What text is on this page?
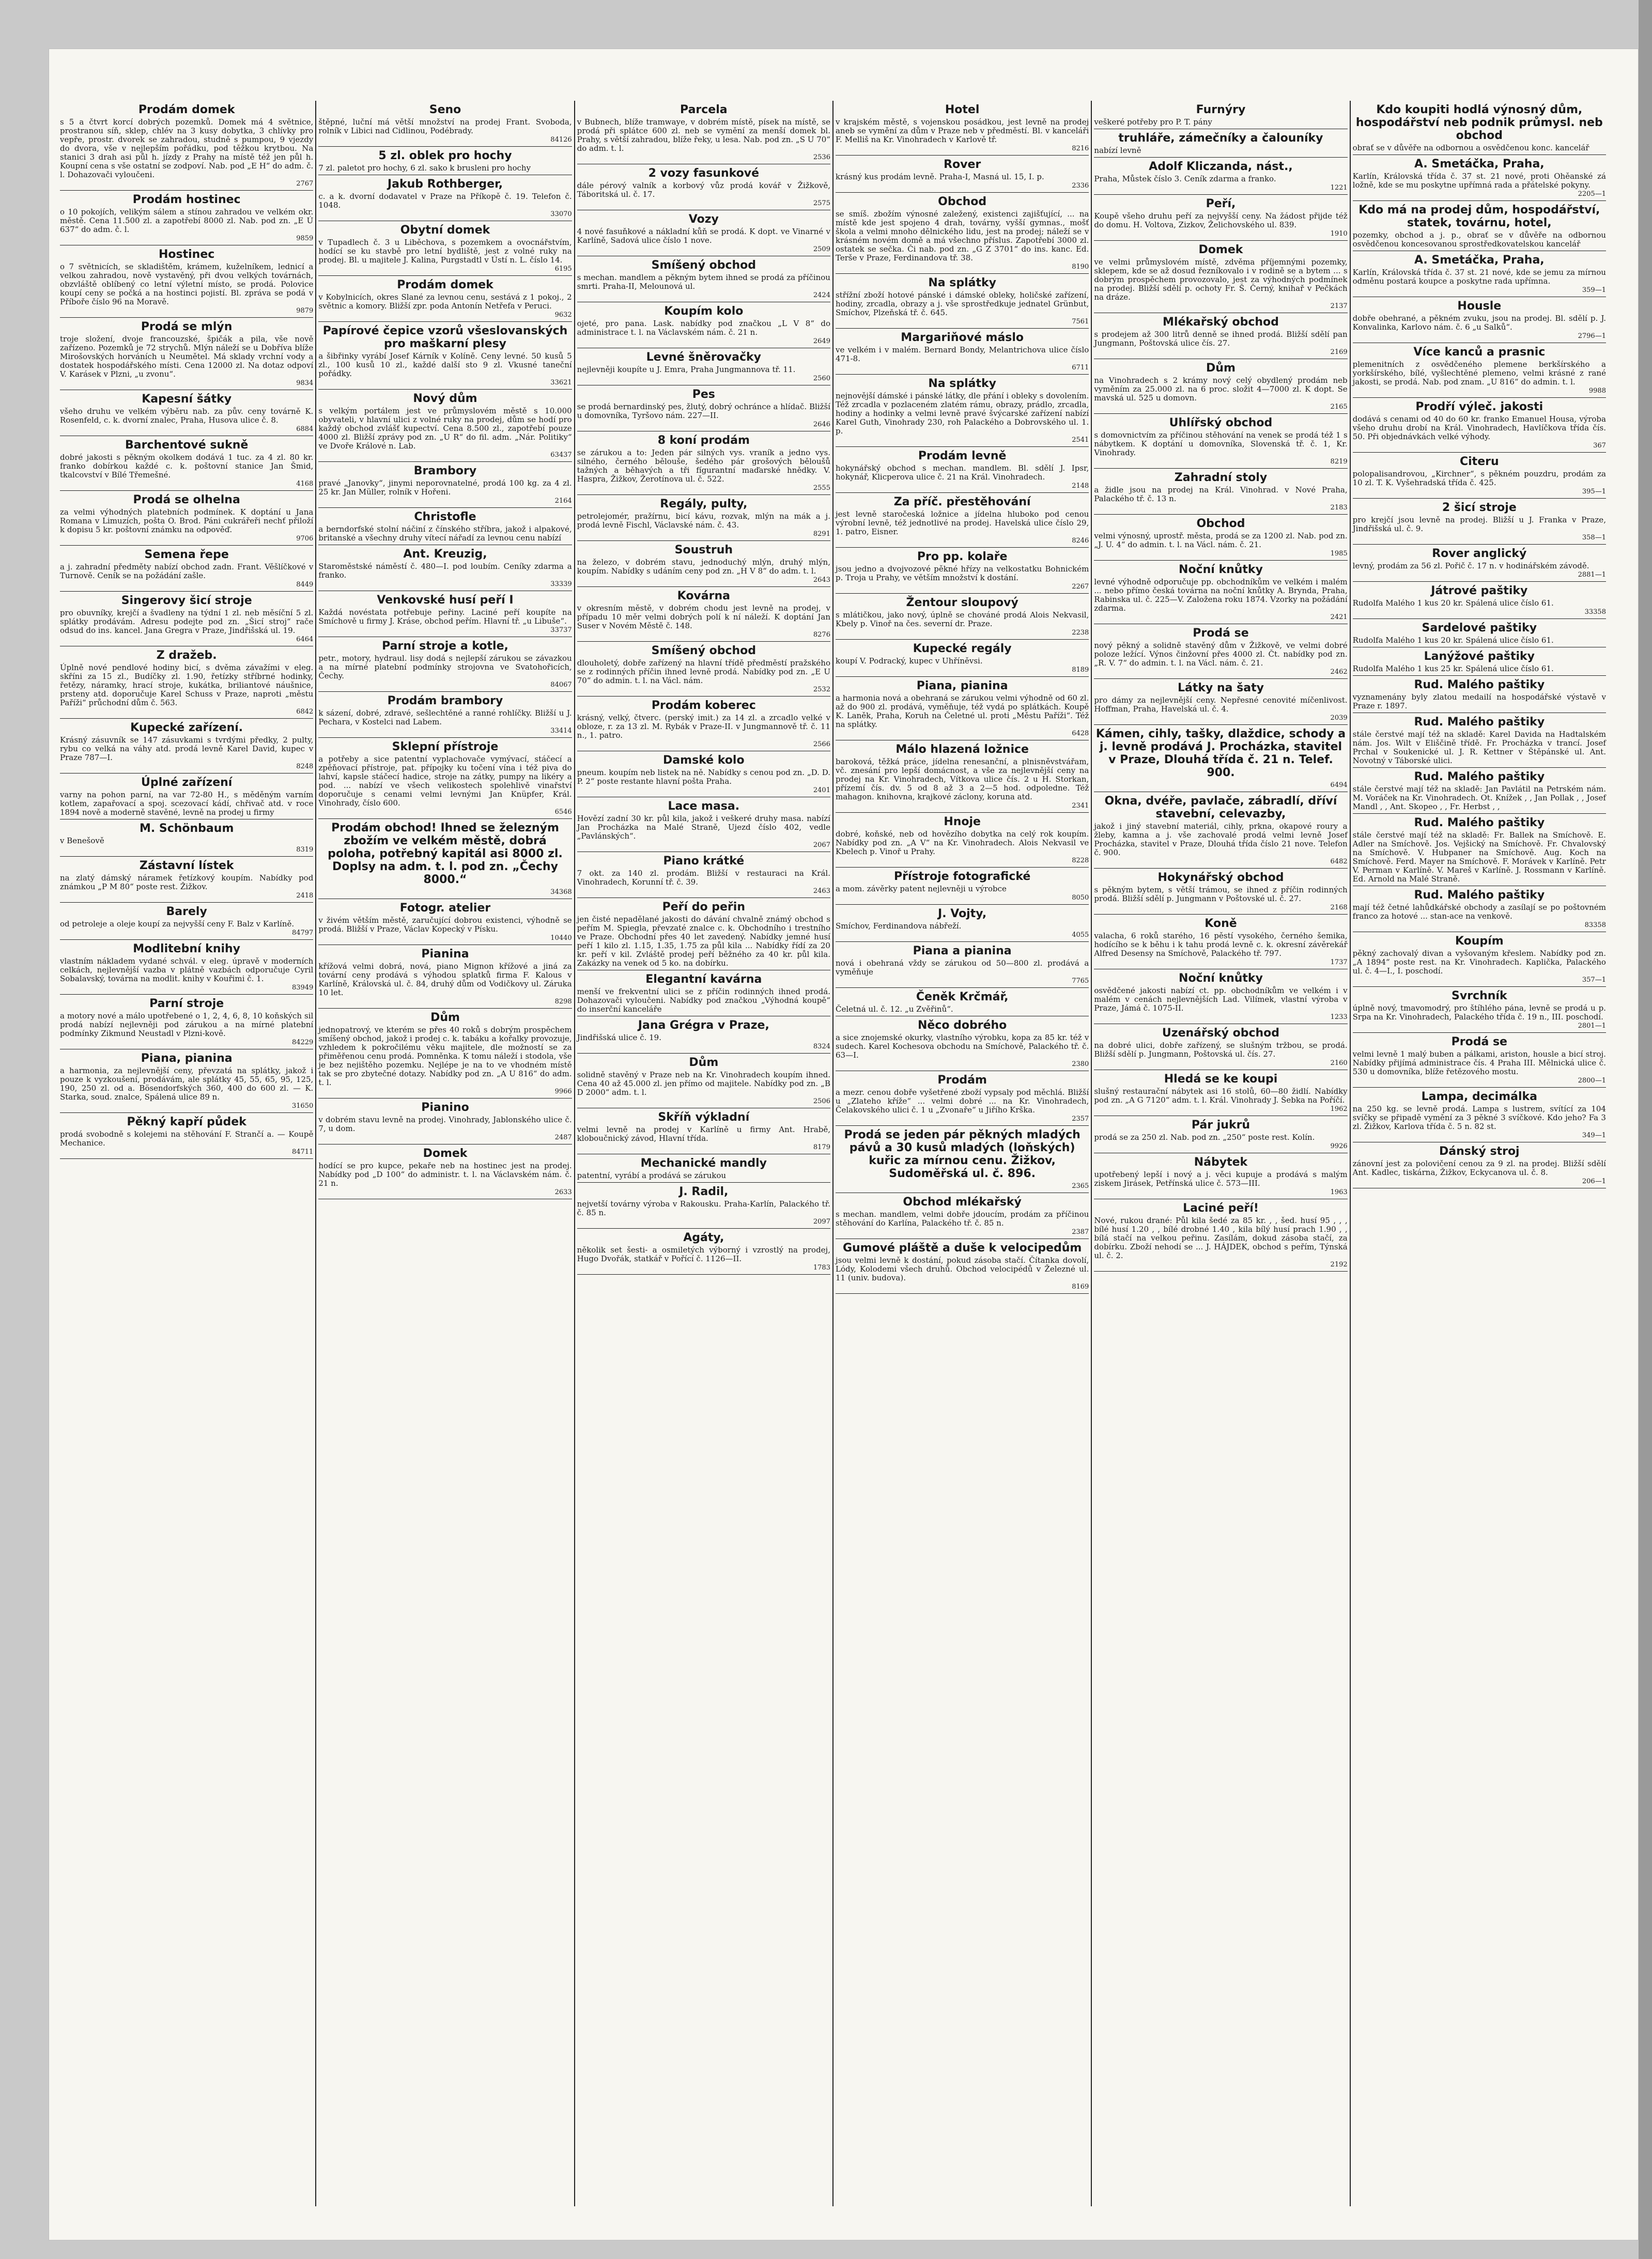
Prodám domek
s 5 a čtvrt korcí dobrých pozemků. Domek má 4 světnice, prostranou síň, sklep, chlév na 3 kusy dobytka, 3 chlívky pro vepře, prostr. dvorek se zahradou, studně s pumpou, 9 vjezdy do dvora, vše v nejlepším pořádku, pod těžkou krytbou. Na stanici 3 drah asi půl h. jízdy z Prahy na místě též jen půl h. Koupní cena s vše ostatní se zodpoví. Nab. pod „E H“ do adm. č. l. Dohazovači vyloučeni.
2767
Prodám hostinec
o 10 pokojích, velikým sálem a stínou zahradou ve velkém okr. městě. Cena 11.500 zl. a zapotřebí 8000 zl. Nab. pod zn. „E Ú 637“ do adm. č. l.
9859
Hostinec
o 7 světnicích, se skladištěm, krámem, kuželníkem, lednicí a velkou zahradou, nově vystavěný, při dvou velkých továrnách, obzvláště oblíbený co letní výletní místo, se prodá. Polovice koupí ceny se počká a na hostinci pojistí. Bl. zpráva se podá v Příboře číslo 96 na Moravě.
9879
Prodá se mlýn
troje složení, dvoje francouzské, špičák a pila, vše nově zařízeno. Pozemků je 72 strychů. Mlýn náleží se u Dobříva blíže Mirošovských horváních u Neumětel. Má sklady vrchní vody a dostatek hospodářského místi. Cena 12000 zl. Na dotaz odpoví V. Karásek v Plzni, „u zvonu“.
9834
Kapesní šátky
všeho druhu ve velkém výběru nab. za pův. ceny továrně K. Rosenfeld, c. k. dvorní znalec, Praha, Husova ulice č. 8.
6884
Barchentové sukně
dobré jakosti s pěkným okolkem dodává 1 tuc. za 4 zl. 80 kr. franko dobírkou každé c. k. poštovní stanice Jan Šmid, tkalcovství v Bílé Třemešné.
4168
Prodá se olhelna
za velmi výhodných platebních podmínek. K doptání u Jana Romana v Limuzích, pošta O. Brod. Páni cukrářeři nechť přiloží k dopisu 5 kr. poštovní známku na odpověď.
9706
Semena řepe
a j. zahradní předměty nabízí obchod zadn. Frant. Věšlíčkové v Turnově. Ceník se na požádání zašle.
8449
Singerovy šicí stroje
pro obuvníky, krejčí a švadleny na týdní 1 zl. neb měsíční 5 zl. splátky prodávám. Adresu podejte pod zn. „Šicí stroj“ rače odsud do ins. kancel. Jana Gregra v Praze, Jindřišská ul. 19.
6464
Z dražeb.
Úplně nové pendlové hodiny bicí, s dvěma závažími v eleg. skříni za 15 zl., Budíčky zl. 1.90, řetízky stříbrné hodinky, řetězy, náramky, hrací stroje, kukátka, briliantové náušnice, prsteny atd. doporučuje Karel Schuss v Praze, naproti „městu Paříži“ průchodní dům č. 563.
6842
Kupecké zařízení.
Krásný zásuvník se 147 zásuvkami s tvrdými předky, 2 pulty, rybu co velká na váhy atd. prodá levně Karel David, kupec v Praze 787—I.
8248
Úplné zařízení
varny na pohon parní, na var 72-80 H., s měděným varním kotlem, zapařovací a spoj. scezovací kádí, chřivač atd. v roce 1894 nově a moderně stavěné, levně na prodej u firmy
M. Schönbaum
v Benešově
8319
Zástavní lístek
na zlatý dámský náramek řetízkový koupím. Nabídky pod známkou „P M 80“ poste rest. Žižkov.
2418
Barely
od petroleje a oleje koupí za nejvyšší ceny F. Balz v Karlíně.
84797
Modlitební knihy
vlastním nákladem vydané schvál. v eleg. úpravě v moderních celkách, nejlevnější vazba v plátně vazbách odporučuje Cyril Sobalavský, továrna na modlit. knihy v Kouřimi č. 1.
83949
Parní stroje
a motory nové a málo upotřebené o 1, 2, 4, 6, 8, 10 koňských sil prodá nabízí nejlevněji pod zárukou a na mírné platební podmínky Zikmund Neustadl v Plzni-kově.
84229
Piana, pianina
a harmonia, za nejlevnější ceny, převzatá na splátky, jakož i pouze k vyzkoušení, prodávám, ale splátky 45, 55, 65, 95, 125, 190, 250 zl. od a. Bösendorfských 360, 400 do 600 zl. — K. Starka, soud. znalce, Spálená ulice 89 n.
31650
Pěkný kapří půdek
prodá svobodně s kolejemi na stěhování F. Strančí a. — Koupě Mechanice.
84711
Seno
štěpné, luční má větší množství na prodej Frant. Svoboda, rolník v Libici nad Cidlinou, Podébrady.
84126
5 zl. oblek pro hochy
7 zl. paletot pro hochy, 6 zl. sako k brusleni pro hochy
Jakub Rothberger,
c. a k. dvorní dodavatel v Praze na Příkopě č. 19. Telefon č. 1048.
33070
Obytní domek
v Tupadlech č. 3 u Liběchova, s pozemkem a ovocnářstvím, hodící se ku stavbě pro letní bydliště, jest z volné ruky na prodej. Bl. u majitele J. Kalina, Purgstadtl v Ústí n. L. číslo 14.
6195
Prodám domek
v Kobylnicích, okres Slané za levnou cenu, sestává z 1 pokoj., 2 světnic a komory. Bližší zpr. poda Antonín Netřefa v Peruci.
9632
Papírové čepice vzorů všeslovanských pro maškarní plesy
a šibřinky vyrábí Josef Kárník v Kolíně. Ceny levné. 50 kusů 5 zl., 100 kusů 10 zl., každé další sto 9 zl. Vkusné taneční pořádky.
33621
Nový dům
s velkým portálem jest ve průmyslovém městě s 10.000 obyvateli, v hlavní ulici z volné ruky na prodej, dům se hodí pro každý obchod zvlášť kupectví. Cena 8.500 zl., zapotřebí pouze 4000 zl. Bližší zprávy pod zn. „U R“ do fil. adm. „Nár. Politiky“ ve Dvoře Králové n. Lab.
63437
Brambory
pravé „Janovky“, jinymi neporovnatelné, prodá 100 kg. za 4 zl. 25 kr. Jan Müller, rolník v Hořeni.
2164
Christofle
a berndorfské stolní náčiní z čínského stříbra, jakož i alpakové, britanské a všechny druhy vítecí nářadí za levnou cenu nabízí
Ant. Kreuzig,
Staroměstské náměstí č. 480—I. pod loubím. Ceníky zdarma a franko.
33339
Venkovské husí peří I
Každá novéstata potřebuje peřiny. Laciné peří koupíte na Smíchově u firmy J. Kráse, obchod peřím. Hlavní tř. „u Libuše“.
33737
Parní stroje a kotle,
petr., motory, hydraul. lisy dodá s nejlepší zárukou se závazkou a na mírné platební podmínky strojovna ve Svatohořicích, Čechy.
84067
Prodám brambory
k sázení, dobré, zdravé, sešlechtěné a ranné rohlíčky. Bližší u J. Pechara, v Kostelci nad Labem.
33414
Sklepní přístroje
a potřeby a sice patentní vyplachovače vymývací, stáčecí a zpěňovací přístroje, pat. přípojky ku točení vína i též piva do lahví, kapsle stáčecí hadice, stroje na zátky, pumpy na likéry a pod. ... nabízí ve všech velikostech spolehlivě vinařství doporučuje s cenami velmi levnými Jan Knüpfer, Král. Vinohrady, číslo 600.
6546
Prodám obchod! Ihned se železným zbožím ve velkém městě, dobrá poloha, potřebný kapitál asi 8000 zl. Doplsy na adm. t. l. pod zn. „Čechy 8000.“
34368
Fotogr. atelier
v živém větším městě, zaručující dobrou existenci, výhodně se prodá. Bližší v Praze, Václav Kopecký v Písku.
10440
Pianina
křížová velmi dobrá, nová, piano Mignon křížové a jiná za tovární ceny prodává s výhodou splatků firma F. Kalous v Karlíně, Královská ul. č. 84, druhý dům od Vodičkovy ul. Záruka 10 let.
8298
Dům
jednopatrový, ve kterém se přes 40 roků s dobrým prospěchem smíšený obchod, jakož i prodej c. k. tabáku a kořalky provozuje, vzhledem k pokročilému věku majitele, dle možností se za přiměřenou cenu prodá. Pomněnka. K tomu náleží i stodola, vše je bez nejištěho pozemku. Nejlépe je na to ve vhodném místě tak se pro zbytečné dotazy. Nabídky pod zn. „A U 816“ do adm. t. l.
9966
Pianino
v dobrém stavu levně na prodej. Vinohrady, Jablonského ulice č. 7, u dom.
2487
Domek
hodící se pro kupce, pekaře neb na hostinec jest na prodej. Nabídky pod „D 100“ do administr. t. l. na Václavském nám. č. 21 n.
2633
Parcela
v Bubnech, blíže tramwaye, v dobrém místě, písek na místě, se prodá při splátce 600 zl. neb se vymění za menší domek bl. Prahy, s větší zahradou, blíže řeky, u lesa. Nab. pod zn. „S U 70“ do adm. t. l.
2536
2 vozy fasunkové
dále pérový valník a korbový vůz prodá kovář v Žižkově, Táboritská ul. č. 17.
2575
Vozy
4 nové fasuňkové a nákladní kůň se prodá. K dopt. ve Vinarné v Karlíně, Sadová ulice číslo 1 nove.
2509
Smíšený obchod
s mechan. mandlem a pěkným bytem ihned se prodá za příčinou smrti. Praha-II, Melounová ul.
2424
Koupím kolo
ojeté, pro pana. Lask. nabídky pod značkou „L V 8“ do administrace t. l. na Václavském nám. č. 21 n.
2649
Levné šněrovačky
nejlevněji koupíte u J. Emra, Praha Jungmannova tř. 11.
2560
Pes
se prodá bernardinský pes, žlutý, dobrý ochránce a hlídač. Bližší u domovníka, Tyršovo nám. 227—II.
2646
8 koní prodám
se zárukou a to: Jeden pár silných vys. vraník a jedno vys. silného, černého bělouše, šedého pár grošových běloušů tažných a běhavých a tři fígurantní maďarské hnědky. V. Haspra, Žižkov, Žerotínova ul. č. 522.
2555
Regály, pulty,
petrolejomér, pražírnu, bicí kávu, rozvak, mlýn na mák a j. prodá levně Fischl, Václavské nám. č. 43.
8291
Soustruh
na železo, v dobrém stavu, jednoduchý mlýn, druhý mlýn, koupím. Nabídky s udáním ceny pod zn. „H V 8“ do adm. t. l.
2643
Kovárna
v okresním městě, v dobrém chodu jest levně na prodej, v případu 10 měr velmi dobrých polí k ní náleží. K doptání Jan Suser v Novém Městě č. 148.
8276
Smíšený obchod
dlouholetý, dobře zařízený na hlavní třídě předměstí pražského se z rodinných příčin ihned levně prodá. Nabídky pod zn. „E U 70“ do admin. t. l. na Václ. nám.
2532
Prodám koberec
krásný, velký, čtverc. (perský imit.) za 14 zl. a zrcadlo velké v obloze, r. za 13 zl. M. Rybák v Praze-II. v Jungmannově tř. č. 11 n., 1. patro.
2566
Damské kolo
pneum. koupím neb listek na ně. Nabídky s cenou pod zn. „D. D. P. 2“ poste restante hlavní pošta Praha.
2401
Lace masa.
Hovězí zadní 30 kr. půl kila, jakož i veškeré druhy masa. nabízí Jan Procházka na Malé Straně, Ujezd číslo 402, vedle „Pavlánských“.
2067
Piano krátké
7 okt. za 140 zl. prodám. Bližší v restauraci na Král. Vinohradech, Korunní tř. č. 39.
2463
Peří do peřin
jen čisté nepadělané jakosti do dávání chvalně známý obchod s peřím M. Spiegla, převzaté znalce c. k. Obchodního i trestního ve Praze. Obchodní přes 40 let zavedený. Nabídky jemné husí peří 1 kilo zl. 1.15, 1.35, 1.75 za půl kila ... Nabídky řídí za 20 kr. peří v kil. Zvláště prodej peří běžného za 40 kr. půl kila. Zakázky na venek od 5 ko. na dobírku.
Elegantní kavárna
menší ve frekventní ulici se z příčin rodinných ihned prodá. Dohazovači vyloučeni. Nabídky pod značkou „Výhodná koupě“ do inserční kanceláře
Jana Grégra v Praze,
Jindřišská ulice č. 19.
8324
Dům
solidně stavěný v Praze neb na Kr. Vinohradech koupím ihned. Cena 40 až 45.000 zl. jen přímo od majitele. Nabídky pod zn. „B D 2000“ adm. t. l.
2506
Skříň výkladní
velmi levně na prodej v Karlíně u firmy Ant. Hrabě, kloboučnický závod, Hlavní třída.
8179
Mechanické mandly
patentní, vyrábí a prodává se zárukou
J. Radil,
nejvetší továrny výroba v Rakousku. Praha-Karlín, Palackého tř. č. 85 n.
2097
Agáty,
několik set šesti- a osmiletých výborný i vzrostlý na prodej, Hugo Dvořák, statkář v Pořící č. 1126—II.
1783
Hotel
v krajském městě, s vojenskou posádkou, jest levně na prodej aneb se vymění za dům v Praze neb v předměstí. Bl. v kanceláři F. Melliš na Kr. Vinohradech v Karlově tř.
8216
Rover
krásný kus prodám levně. Praha-I, Masná ul. 15, I. p.
2336
Obchod
se smíš. zbožím výnosné zaležený, existenci zajišťující, ... na místě kde jest spojeno 4 drah, továrny, vyšší gymnas., mošť škola a velmi mnoho dělnického lidu, jest na prodej; náleží se v krásném novém domě a má všechno příslus. Zapotřebí 3000 zl. ostatek se sečka. Či nab. pod zn. „G Z 3701“ do ins. kanc. Ed. Terše v Praze, Ferdinandova tř. 38.
8190
Na splátky
střížní zboží hotové pánské i dámské obleky, holičské zařízení, hodiny, zrcadla, obrazy a j. vše sprostředkuje jednatel Grünbut, Smíchov, Plzeňská tř. č. 645.
7561
Margariňové máslo
ve velkém i v malém. Bernard Bondy, Melantrichova ulice číslo 471-8.
6711
Na splátky
nejnovější dámské i pánské látky, dle přání i obleky s dovolením. Též zrcadla v pozlaceném zlatém rámu, obrazy, prádlo, zrcadla, hodiny a hodinky a velmi levně pravé švýcarské zařízení nabízí Karel Guth, Vinohrady 230, roh Palackého a Dobrovského ul. 1. p.
2541
Prodám levně
hokynářský obchod s mechan. mandlem. Bl. sdělí J. Ipsr, hokynář, Klicperova ulice č. 21 na Král. Vinohradech.
2148
Za příč. přestěhování
jest levně staročeská ložnice a jídelna hluboko pod cenou výrobní levně, též jednotlivé na prodej. Havelská ulice číslo 29, 1. patro, Eisner.
8246
Pro pp. kolaře
jsou jedno a dvojvozové pěkné hřízy na velkostatku Bohnickém p. Troja u Prahy, ve větším množství k dostání.
2267
Žentour sloupový
s mlátičkou, jako nový, úplně se chováné prodá Alois Nekvasil, Kbely p. Vinoř na čes. severní dr. Praze.
2238
Kupecké regály
koupí V. Podracký, kupec v Uhříněvsi.
8189
Piana, pianina
a harmonia nová a obehraná se zárukou velmi výhodně od 60 zl. až do 900 zl. prodává, vyměňuje, též vydá po splátkách. Koupě K. Laněk, Praha, Koruh na Čeletné ul. proti „Městu Paříži“. Též na splátky.
6428
Málo hlazená ložnice
baroková, těžká práce, jídelna renesanční, a plnisněvstvářam, vč. znesání pro lepší domácnost, a vše za nejlevnější ceny na prodej na Kr. Vinohradech, Vítkova ulice čís. 2 u H. Storkan, přízemí čís. dv. 5 od 8 až 3 a 2—5 hod. odpoledne. Též mahagon. knihovna, krajkové záclony, koruna atd.
2341
Hnoje
dobré, koňské, neb od hovězího dobytka na celý rok koupím. Nabídky pod zn. „A V“ na Kr. Vinohradech. Alois Nekvasil ve Kbelech p. Vinoř u Prahy.
8228
Přístroje fotografické
a mom. závěrky patent nejlevněji u výrobce
8050
J. Vojty,
Smíchov, Ferdinandova nábřeží.
4055
Piana a pianina
nová i obehraná vždy se zárukou od 50—800 zl. prodává a vyměňuje
7765
Čeněk Krčmář,
Čeletná ul. č. 12. „u Zvěřinů“.
Něco dobrého
a sice znojemské okurky, vlastního výrobku, kopa za 85 kr. též v sudech. Karel Kochesova obchodu na Smíchově, Palackého tř. č. 63—I.
2380
Prodám
a mezr. cenou dobře vyšetřené zboží vypsaly pod měchlá. Bližší u „Zlateho kříže“ ... velmi dobré ... na Kr. Vinohradech, Čelakovského ulici č. 1 u „Zvonaře“ u Jiřího Krška.
2357
Prodá se jeden pár pěkných mladých pávů a 30 kusů mladých (loňských) kuřic za mírnou cenu. Žižkov, Sudoměřská ul. č. 896.
2365
Obchod mlékařský
s mechan. mandlem, velmi dobře jdoucím, prodám za příčinou stěhování do Karlína, Palackého tř. č. 85 n.
2387
Gumové pláště a duše k velocipedům
jsou velmi levně k dostání, pokud zásoba stačí. Čítanka dovolí, Lódy, Kolodemi všech druhů. Obchod velocipédů v Železné ul. 11 (univ. budova).
8169
Furnýry
veškeré potřeby pro P. T. pány
truhláře, zámečníky a čalouníky
nabízí levně
Adolf Kliczanda, nást.,
Praha, Můstek číslo 3. Ceník zdarma a franko.
1221
Peří,
Koupě všeho druhu peří za nejvyšší ceny. Na žádost přijde též do domu. H. Voltova, Zizkov, Želichovského ul. 839.
1910
Domek
ve velmi průmyslovém místě, zdvěma příjemnými pozemky, sklepem, kde se až dosud řezníkovalo i v rodině se a bytem ... s dobrým prospěchem provozovalo, jest za výhodných podmínek na prodej. Bližší sdělí p. ochoty Fr. Š. Černý, knihař v Pečkách na dráze.
2137
Mlékařský obchod
s prodejem až 300 litrů denně se ihned prodá. Bližší sdělí pan Jungmann, Poštovská ulice čís. 27.
2169
Dům
na Vinohradech s 2 krámy nový celý obydlený prodám neb vyměním za 25.000 zl. na 6 proc. složit 4—7000 zl. K dopt. Se mavská ul. 525 u domovn.
2165
Uhlířský obchod
s domovnictvím za příčinou stěhování na venek se prodá též 1 s nábytkem. K doptání u domovníka, Slovenská tř. č. 1, Kr. Vinohrady.
8219
Zahradní stoly
a židle jsou na prodej na Král. Vinohrad. v Nové Praha, Palackého tř. č. 13 n.
2183
Obchod
velmi výnosný, uprostř. města, prodá se za 1200 zl. Nab. pod zn. „J. U. 4“ do admin. t. l. na Václ. nám. č. 21.
1985
Noční knůtky
levné výhodně odporučuje pp. obchodníkům ve velkém i malém ... nebo přímo česká továrna na noční knůtky A. Brynda, Praha, Rabinska ul. č. 225—V. Založena roku 1874. Vzorky na požádání zdarma.
2421
Prodá se
nový pěkný a solidně stavěný dům v Žižkově, ve velmi dobré poloze ležící. Výnos činžovní přes 4000 zl. Čt. nabídky pod zn. „R. V. 7“ do admin. t. l. na Václ. nám. č. 21.
2462
Látky na šaty
pro dámy za nejlevnější ceny. Nepřesné cenovité míčenlivost. Hoffman, Praha, Havelská ul. č. 4.
2039
Kámen, cihly, tašky, dlaždice, schody a j. levně prodává J. Procházka, stavitel v Praze, Dlouhá třída č. 21 n. Telef. 900.
6494
Okna, dvéře, pavlače, zábradlí, dříví stavební, celevazby,
jakož i jiný stavební materiál, cihly, prkna, okapové roury a žleby, kamna a j. vše zachovalé prodá velmi levně Josef Procházka, stavitel v Praze, Dlouhá třída číslo 21 nove. Telefon č. 900.
6482
Hokynářský obchod
s pěkným bytem, s větší trámou, se ihned z příčin rodinných prodá. Bližší sdělí p. Jungmann v Poštovské ul. č. 27.
2168
Koně
valacha, 6 roků starého, 16 pěstí vysokého, černého šemika, hodícího se k běhu i k tahu prodá levně c. k. okresní závěrekář Alfred Desensy na Smíchově, Palackého tř. 797.
1737
Noční knůtky
osvědčené jakosti nabízí ct. pp. obchodníkům ve velkém i v malém v cenách nejlevnějších Lad. Vilímek, vlastní výroba v Praze, Jámá č. 1075-II.
1233
Uzenářský obchod
na dobré ulici, dobře zařízený, se slušným tržbou, se prodá. Bližší sdělí p. Jungmann, Poštovská ul. čís. 27.
2160
Hledá se ke koupi
slušný restaurační nábytek asi 16 stolů, 60—80 židlí. Nabídky pod zn. „A G 7120“ adm. t. l. Král. Vinohrady J. Šebka na Poříčí.
1962
Pár jukrů
prodá se za 250 zl. Nab. pod zn. „250“ poste rest. Kolín.
9926
Nábytek
upotřebený lepší i nový a j. věci kupuje a prodává s malým ziskem Jirásek, Petřínská ulice č. 573—III.
1963
Laciné peří!
Nové, rukou drané: Půl kila šedé za 85 kr. , , šed. husí 95 , , , bílé husí 1.20 , , bílé drobné 1.40 , kila bílý husí prach 1.90 , , bílá stačí na velkou peřinu. Zasílám, dokud zásoba stačí, za dobírku. Zboží nehodí se ... J. HÁJDEK, obchod s peřím, Týnská ul. č. 2.
2192
Kdo koupiti hodlá výnosný dům, hospodářství neb podnik průmysl. neb obchod
obrať se v důvěře na odbornou a osvědčenou konc. kancelář
A. Smetáčka, Praha,
Karlín, Královská třída č. 37 st. 21 nové, proti Ohěanské zá ložně, kde se mu poskytne upřímná rada a přátelské pokyny.
2205—1
Kdo má na prodej dům, hospodářství, statek, továrnu, hotel,
pozemky, obchod a j. p., obrať se v důvěře na odbornou osvědčenou koncesovanou sprostředkovatelskou kancelář
A. Smetáčka, Praha,
Karlín, Královská třída č. 37 st. 21 nové, kde se jemu za mírnou odměnu postará koupce a poskytne rada upřímna.
359—1
Housle
dobře obehrané, a pěkném zvuku, jsou na prodej. Bl. sdělí p. J. Konvalinka, Karlovo nám. č. 6 „u Salků“.
2796—1
Více kanců a prasnic
plemenitních z osvědčeného plemene berkšírského a yorkšírského, bílé, vyšlechtěné plemeno, velmi krásné z rané jakosti, se prodá. Nab. pod znam. „U 816“ do admin. t. l.
9988
Prodří výleč. jakosti
dodává s cenami od 40 do 60 kr. franko Emanuel Housa, výroba všeho druhu drobí na Král. Vinohradech, Havlíčkova třída čís. 50. Při objednávkách velké výhody.
367
Citeru
polopalisandrovou, „Kirchner“, s pěkném pouzdru, prodám za 10 zl. T. K. Vyšehradská třída č. 425.
395—1
2 šicí stroje
pro krejčí jsou levně na prodej. Bližší u J. Franka v Praze, Jindřišská ul. č. 9.
358—1
Rover anglický
levný, prodám za 56 zl. Pořič č. 17 n. v hodinářském závodě.
2881—1
Játrové paštiky
Rudolfa Malého 1 kus 20 kr. Spálená ulice číslo 61.
33358
Sardelové paštiky
Rudolfa Malého 1 kus 20 kr. Spálená ulice číslo 61.
Lanýžové paštiky
Rudolfa Malého 1 kus 25 kr. Spálená ulice číslo 61.
Rud. Malého paštiky
vyznamenány byly zlatou medailí na hospodářské výstavě v Praze r. 1897.
Rud. Malého paštiky
stále čerstvé mají též na skladě: Karel Davida na Hadtalském nám. Jos. Wilt v Eliščině třídě. Fr. Procházka v trancí. Josef Prchal v Soukenické ul. J. R. Kettner v Štěpánské ul. Ant. Novotný v Táborské ulici.
Rud. Malého paštiky
stále čerstvé mají též na skladě: Jan Pavlátil na Petrském nám. M. Voráček na Kr. Vinohradech. Ot. Knížek , , Jan Pollak , , Josef Mandl , , Ant. Skopeo , , Fr. Herbst , ,
Rud. Malého paštiky
stále čerstvé mají též na skladě: Fr. Ballek na Smíchově. E. Adler na Smíchově. Jos. Vejšický na Smíchově. Fr. Chvalovský na Smíchově. V. Hubpaner na Smíchově. Aug. Koch na Smíchově. Ferd. Mayer na Smíchově. F. Morávek v Karlíně. Petr V. Perman v Karlíně. V. Mareš v Karlíně. J. Rossmann v Karlíně. Ed. Arnold na Malé Straně.
Rud. Malého paštiky
mají též četné lahůdkářské obchody a zasílají se po poštovném franco za hotové ... stan-ace na venkově.
83358
Koupím
pěkný zachovalý divan a vyšovaným křeslem. Nabídky pod zn. „A 1894“ poste rest. na Kr. Vinohradech. Kaplička, Palackého ul. č. 4—I., I. poschodí.
357—1
Svrchník
úplně nový, tmavomodrý, pro štíhlého pána, levně se prodá u p. Srpa na Kr. Vinohradech, Palackého třída č. 19 n., III. poschodí.
2801—1
Prodá se
velmi levně 1 malý buben a pálkami, ariston, housle a bicí stroj. Nabídky přijímá administrace čís. 4 Praha III. Mělnická ulice č. 530 u domovníka, blíže řetězového mostu.
2800—1
Lampa, decimálka
na 250 kg. se levně prodá. Lampa s lustrem, svítící za 104 svíčky se připadě vymění za 3 pěkné 3 svíčkové. Kdo jeho? Fa 3 zl. Žižkov, Karlova třída č. 5 n. 82 st.
349—1
Dánský stroj
zánovní jest za polovičení cenou za 9 zl. na prodej. Bližší sdělí Ant. Kadlec, tiskárna, Žižkov, Eckycanova ul. č. 8.
206—1
